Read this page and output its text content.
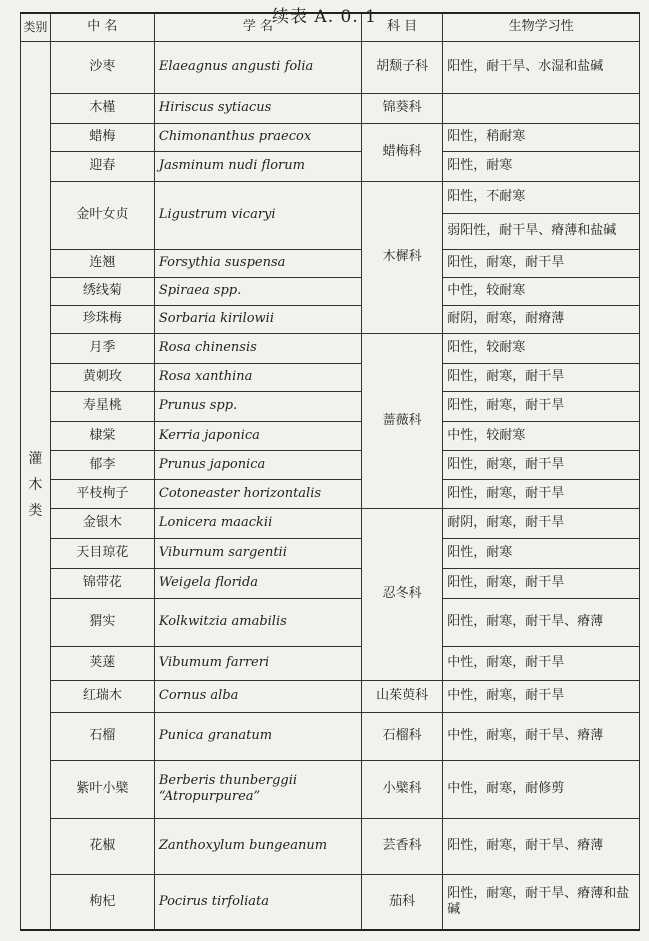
续表 A. 0. 1
类别	中 名	学 名	科 目	生物学习性
灌木类	沙枣	Elaeagnus angusti folia	胡颓子科	阳性，耐干旱、水湿和盐碱
	木槿	Hiriscus sytiacus	锦葵科	
	蜡梅	Chimonanthus praecox	蜡梅科	阳性，稍耐寒
	迎春	Jasminum nudi florum		阳性，耐寒
	金叶女贞	Ligustrum vicaryi	木樨科	阳性，不耐寒
				弱阳性，耐干旱、瘠薄和盐碱
	连翘	Forsythia suspensa		阳性，耐寒，耐干旱
	绣线菊	Spiraea spp.		中性，较耐寒
	珍珠梅	Sorbaria kirilowii		耐阴，耐寒，耐瘠薄
	月季	Rosa chinensis	蔷薇科	阳性，较耐寒
	黄刺玫	Rosa xanthina		阳性，耐寒，耐干旱
	寿星桃	Prunus spp.		阳性，耐寒，耐干旱
	棣棠	Kerria japonica		中性，较耐寒
	郁李	Prunus japonica		阳性，耐寒，耐干旱
	平枝栒子	Cotoneaster horizontalis		阳性，耐寒，耐干旱
	金银木	Lonicera maackii	忍冬科	耐阴，耐寒，耐干旱
	天目琼花	Viburnum sargentii		阳性，耐寒
	锦带花	Weigela florida		阳性，耐寒，耐干旱
	猬实	Kolkwitzia amabilis		阳性，耐寒，耐干旱、瘠薄
	荚蒾	Vibumum farreri		中性，耐寒，耐干旱
	红瑞木	Cornus alba	山茱萸科	中性，耐寒，耐干旱
	石榴	Punica granatum	石榴科	中性，耐寒，耐干旱、瘠薄
	紫叶小檗	Berberis thunberggii “Atropurpurea”	小檗科	中性，耐寒，耐修剪
	花椒	Zanthoxylum bungeanum	芸香科	阳性，耐寒，耐干旱、瘠薄
	枸杞	Pocirus tirfoliata	茄科	阳性，耐寒，耐干旱、瘠薄和盐碱
